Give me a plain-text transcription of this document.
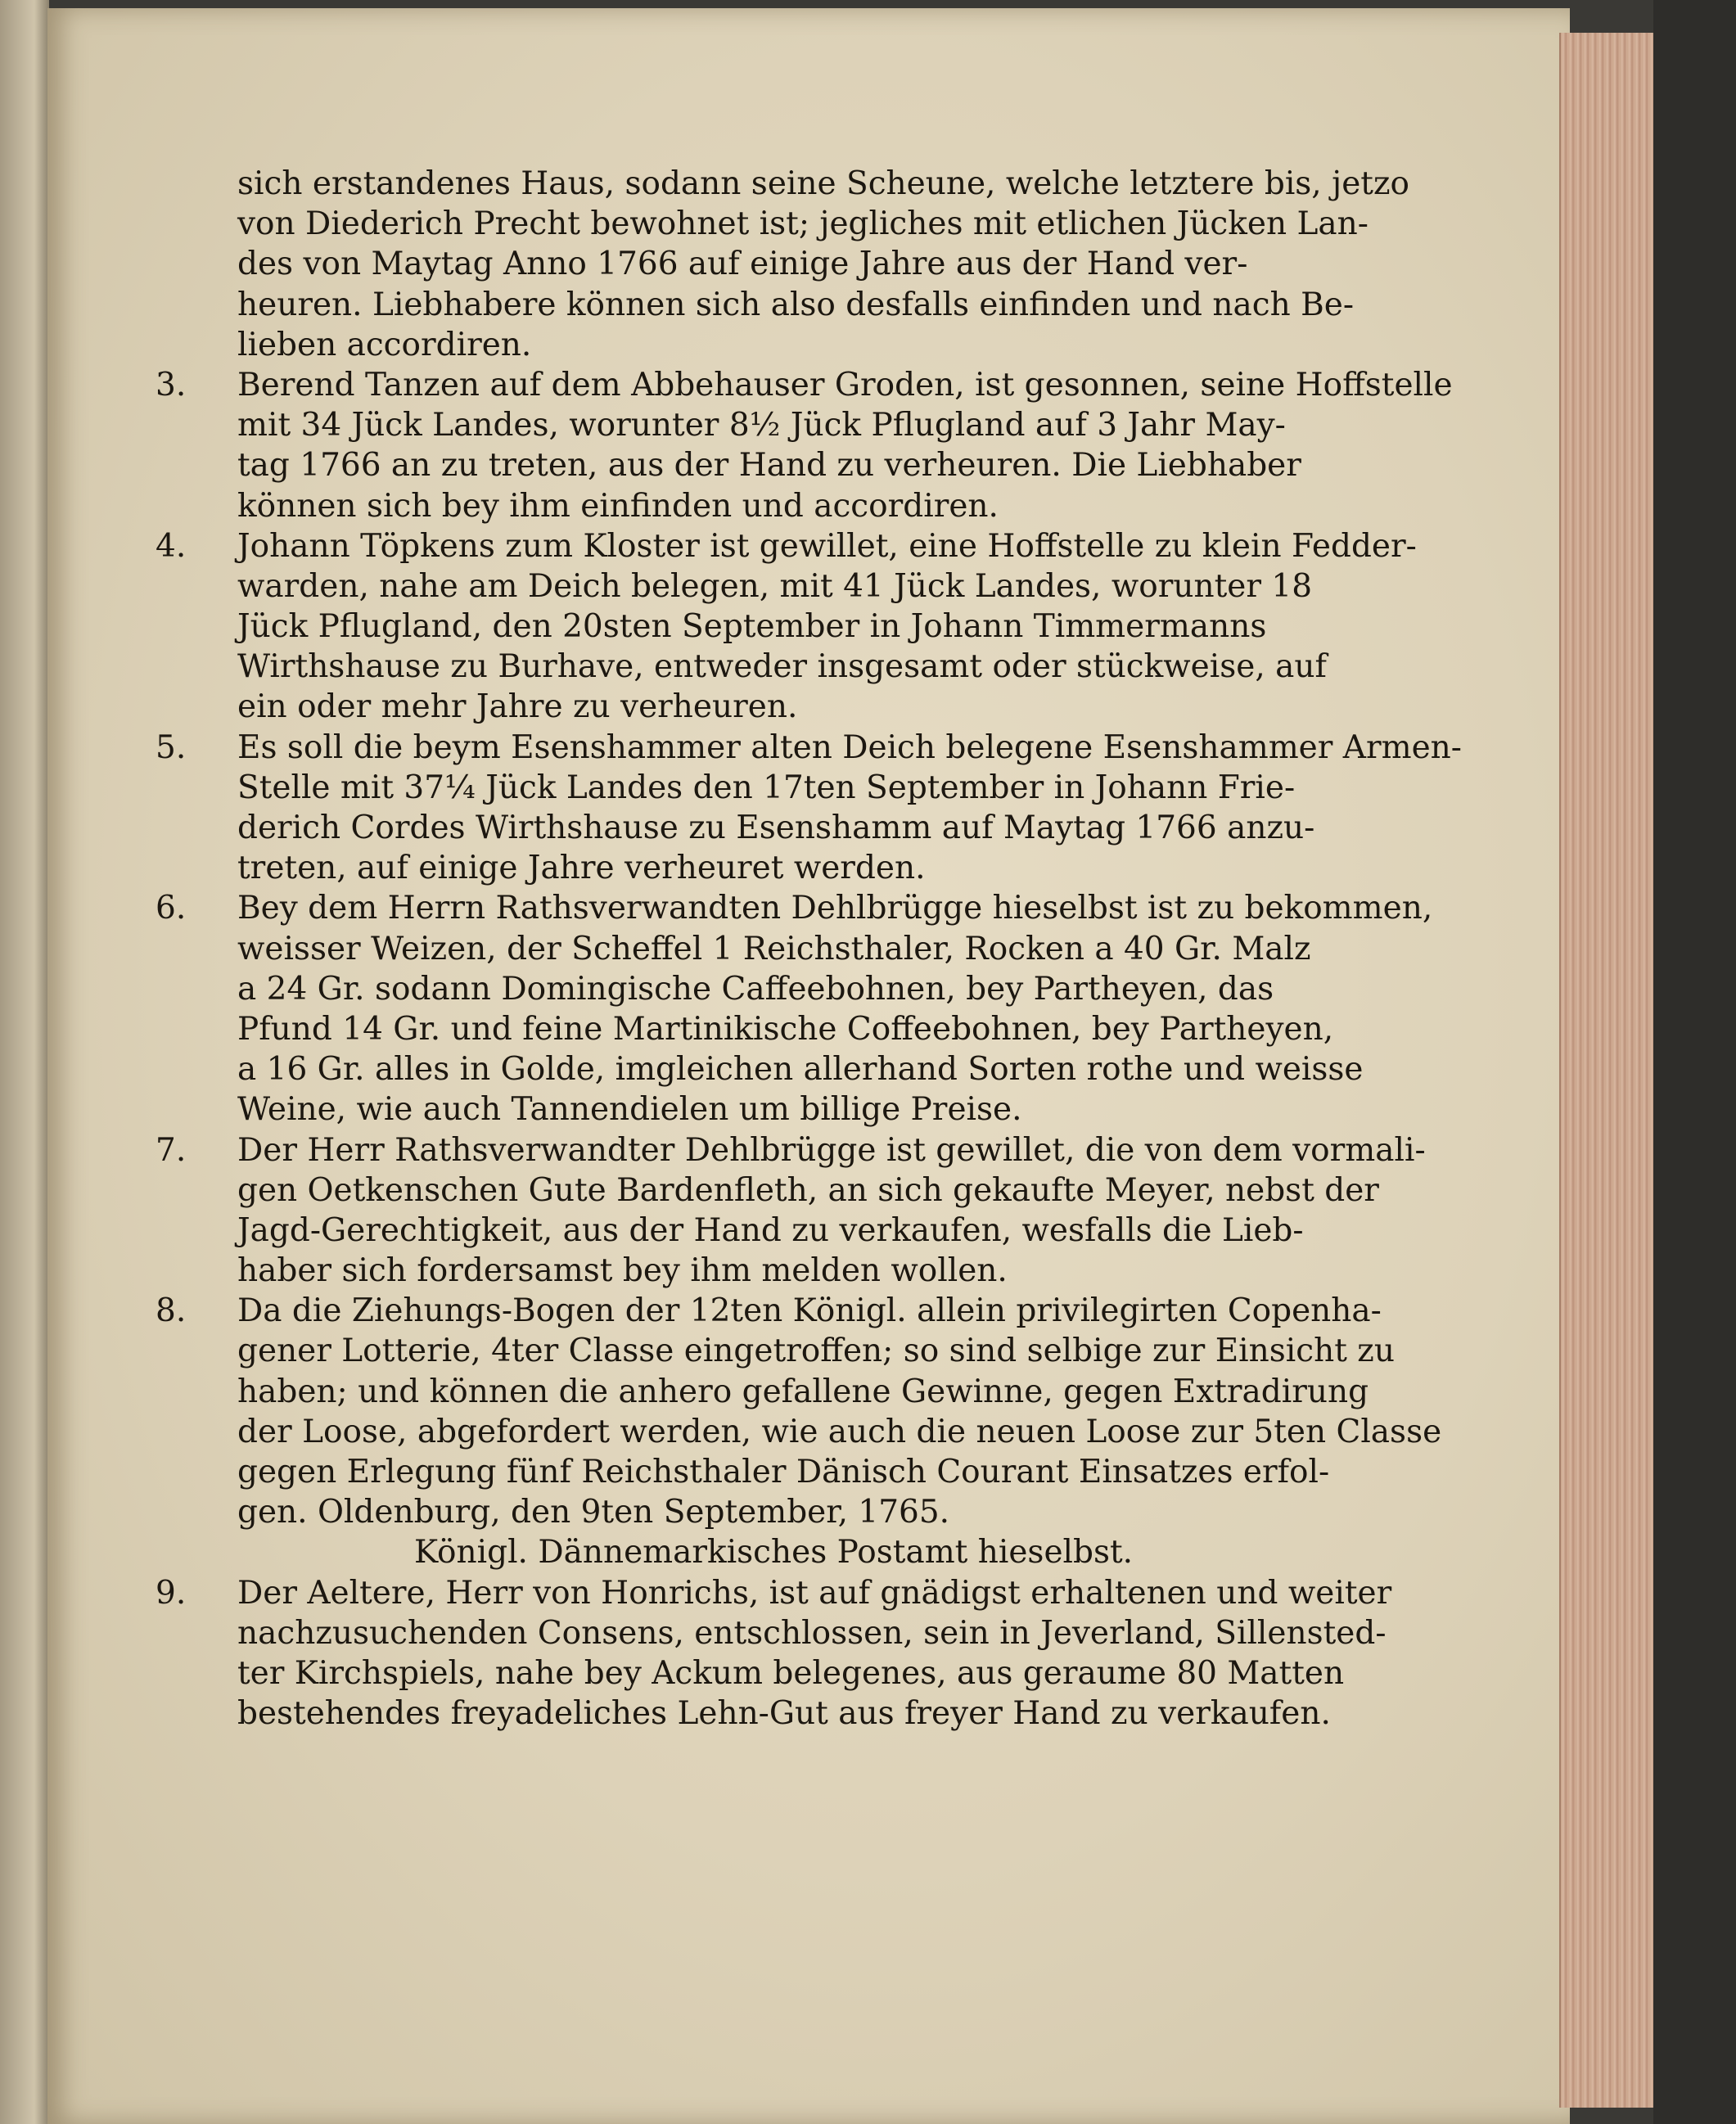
sich erstandenes Haus, sodann seine Scheune, welche letztere bis, jetzo
von Diederich Precht bewohnet ist; jegliches mit etlichen Jücken Lan-
des von Maytag Anno 1766 auf einige Jahre aus der Hand ver-
heuren. Liebhabere können sich also desfalls einfinden und nach Be-
lieben accordiren.
3. Berend Tanzen auf dem Abbehauser Groden, ist gesonnen, seine Hoffstelle
mit 34 Jück Landes, worunter 8½ Jück Pflugland auf 3 Jahr May-
tag 1766 an zu treten, aus der Hand zu verheuren. Die Liebhaber
können sich bey ihm einfinden und accordiren.
4. Johann Töpkens zum Kloster ist gewillet, eine Hoffstelle zu klein Fedder-
warden, nahe am Deich belegen, mit 41 Jück Landes, worunter 18
Jück Pflugland, den 20sten September in Johann Timmermanns
Wirthshause zu Burhave, entweder insgesamt oder stückweise, auf
ein oder mehr Jahre zu verheuren.
5. Es soll die beym Esenshammer alten Deich belegene Esenshammer Armen-
Stelle mit 37¼ Jück Landes den 17ten September in Johann Frie-
derich Cordes Wirthshause zu Esenshamm auf Maytag 1766 anzu-
treten, auf einige Jahre verheuret werden.
6. Bey dem Herrn Rathsverwandten Dehlbrügge hieselbst ist zu bekommen,
weisser Weizen, der Scheffel 1 Reichsthaler, Rocken a 40 Gr. Malz
a 24 Gr. sodann Domingische Caffeebohnen, bey Partheyen, das
Pfund 14 Gr. und feine Martinikische Coffeebohnen, bey Partheyen,
a 16 Gr. alles in Golde, imgleichen allerhand Sorten rothe und weisse
Weine, wie auch Tannendielen um billige Preise.
7. Der Herr Rathsverwandter Dehlbrügge ist gewillet, die von dem vormali-
gen Oetkenschen Gute Bardenfleth, an sich gekaufte Meyer, nebst der
Jagd-Gerechtigkeit, aus der Hand zu verkaufen, wesfalls die Lieb-
haber sich fordersamst bey ihm melden wollen.
8. Da die Ziehungs-Bogen der 12ten Königl. allein privilegirten Copenha-
gener Lotterie, 4ter Classe eingetroffen; so sind selbige zur Einsicht zu
haben; und können die anhero gefallene Gewinne, gegen Extradirung
der Loose, abgefordert werden, wie auch die neuen Loose zur 5ten Classe
gegen Erlegung fünf Reichsthaler Dänisch Courant Einsatzes erfol-
gen. Oldenburg, den 9ten September, 1765.
Königl. Dännemarkisches Postamt hieselbst.
9. Der Aeltere, Herr von Honrichs, ist auf gnädigst erhaltenen und weiter
nachzusuchenden Consens, entschlossen, sein in Jeverland, Sillensted-
ter Kirchspiels, nahe bey Ackum belegenes, aus geraume 80 Matten
bestehendes freyadeliches Lehn-Gut aus freyer Hand zu verkaufen.
